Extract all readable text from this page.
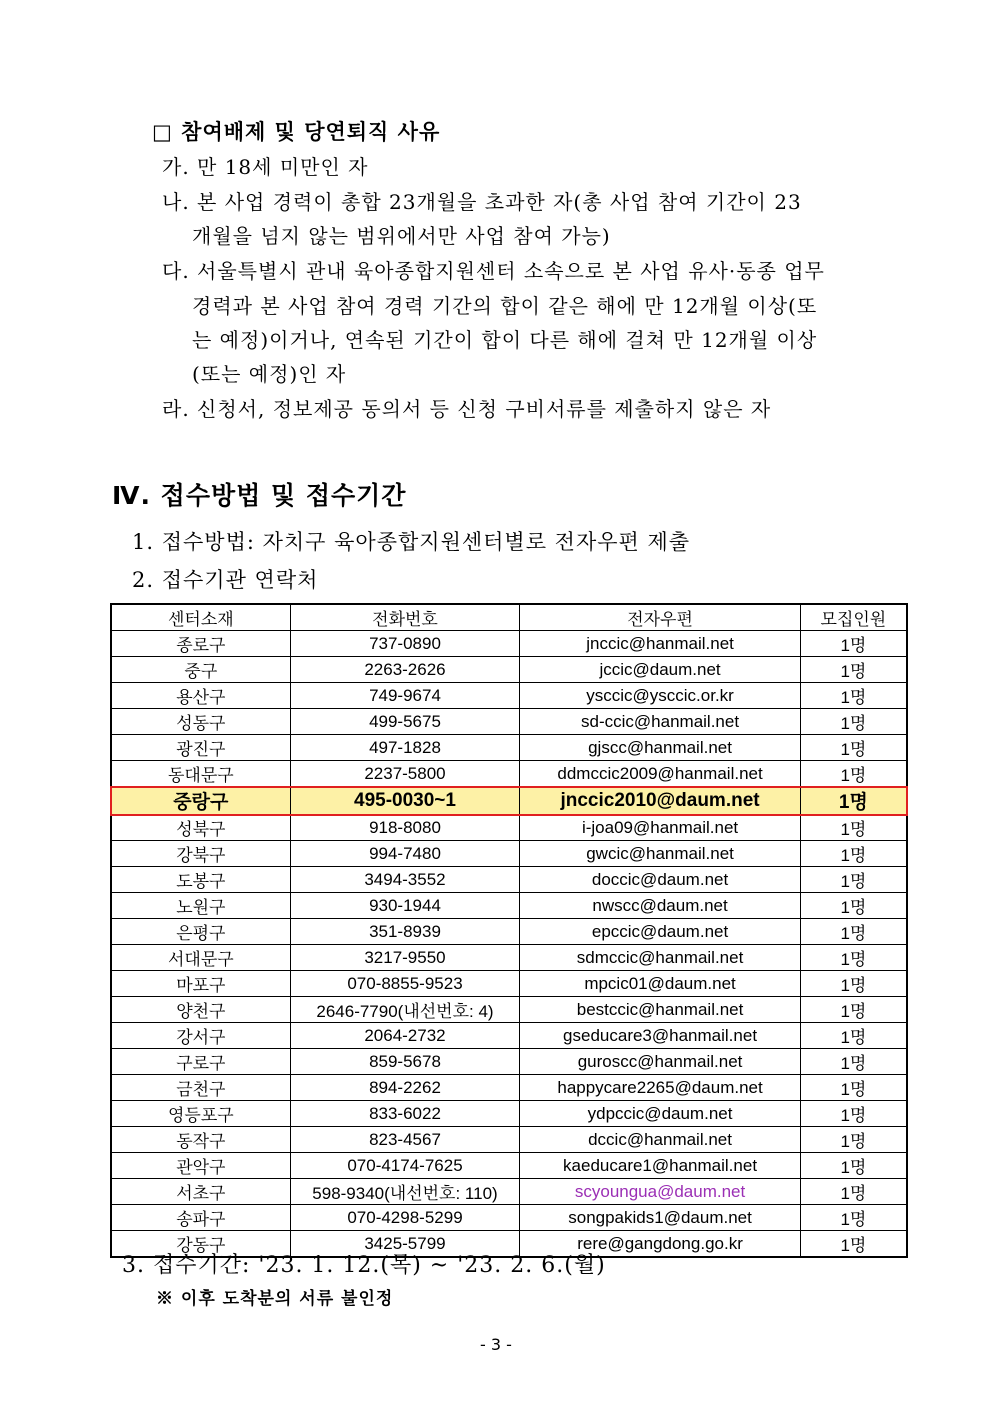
□ 참여배제 및 당연퇴직 사유
가. 만 18세 미만인 자
나. 본 사업 경력이 총합 23개월을 초과한 자(총 사업 참여 기간이 23
개월을 넘지 않는 범위에서만 사업 참여 가능)
다. 서울특별시 관내 육아종합지원센터 소속으로 본 사업 유사·동종 업무
경력과 본 사업 참여 경력 기간의 합이 같은 해에 만 12개월 이상(또
는 예정)이거나, 연속된 기간이 합이 다른 해에 걸쳐 만 12개월 이상
(또는 예정)인 자
라. 신청서, 정보제공 동의서 등 신청 구비서류를 제출하지 않은 자
Ⅳ. 접수방법 및 접수기간
1. 접수방법: 자치구 육아종합지원센터별로 전자우편 제출
2. 접수기관 연락처
센터소재	전화번호	전자우편	모집인원
종로구	737-0890	jnccic@hanmail.net	1명
중구	2263-2626	jccic@daum.net	1명
용산구	749-9674	ysccic@ysccic.or.kr	1명
성동구	499-5675	sd-ccic@hanmail.net	1명
광진구	497-1828	gjscc@hanmail.net	1명
동대문구	2237-5800	ddmccic2009@hanmail.net	1명
중랑구	495-0030~1	jnccic2010@daum.net	1명
성북구	918-8080	i-joa09@hanmail.net	1명
강북구	994-7480	gwcic@hanmail.net	1명
도봉구	3494-3552	doccic@daum.net	1명
노원구	930-1944	nwscc@daum.net	1명
은평구	351-8939	epccic@daum.net	1명
서대문구	3217-9550	sdmccic@hanmail.net	1명
마포구	070-8855-9523	mpcic01@daum.net	1명
양천구	2646-7790(내선번호: 4)	bestccic@hanmail.net	1명
강서구	2064-2732	gseducare3@hanmail.net	1명
구로구	859-5678	guroscc@hanmail.net	1명
금천구	894-2262	happycare2265@daum.net	1명
영등포구	833-6022	ydpccic@daum.net	1명
동작구	823-4567	dccic@hanmail.net	1명
관악구	070-4174-7625	kaeducare1@hanmail.net	1명
서초구	598-9340(내선번호: 110)	scyoungua@daum.net	1명
송파구	070-4298-5299	songpakids1@daum.net	1명
강동구	3425-5799	rere@gangdong.go.kr	1명
3. 접수기간: '23. 1. 12.(목) ~ '23. 2. 6.(월)
※ 이후 도착분의 서류 불인정
- 3 -
